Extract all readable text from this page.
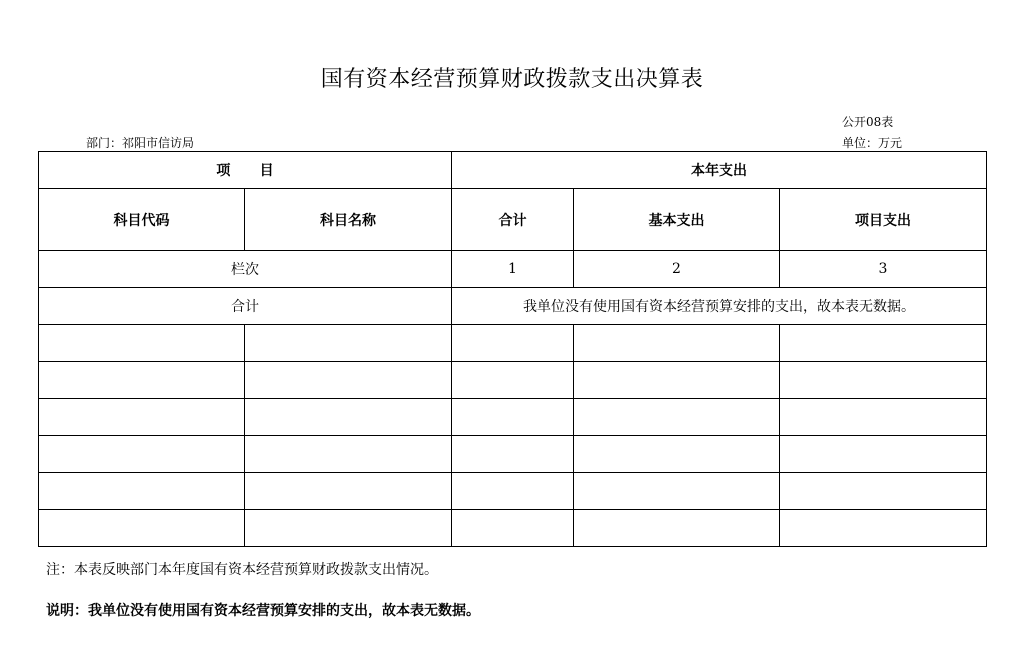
国有资本经营预算财政拨款支出决算表
公开08表
部门：祁阳市信访局	单位：万元
项      目		本年支出		
科目代码	科目名称	合计	基本支出	项目支出
栏次		1	2	3
合计		我单位没有使用国有资本经营预算安排的支出，故本表无数据。		

注：本表反映部门本年度国有资本经营预算财政拨款支出情况。
说明：我单位没有使用国有资本经营预算安排的支出，故本表无数据。
